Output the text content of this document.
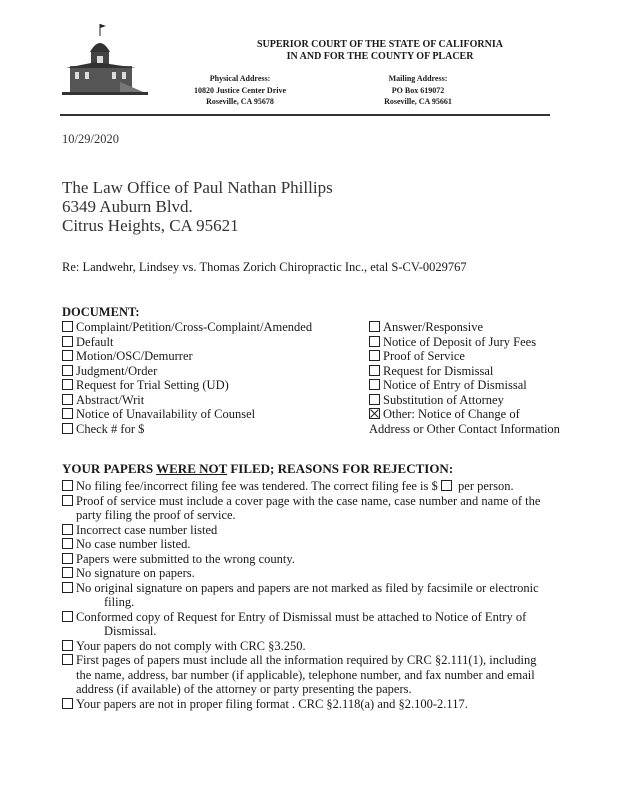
SUPERIOR COURT OF THE STATE OF CALIFORNIA
IN AND FOR THE COUNTY OF PLACER
Physical Address:
10820 Justice Center Drive
Roseville, CA 95678
Mailing Address:
PO Box 619072
Roseville, CA 95661
10/29/2020
The Law Office of Paul Nathan Phillips
6349 Auburn Blvd.
Citrus Heights, CA 95621
Re: Landwehr, Lindsey vs. Thomas Zorich Chiropractic Inc., etal S-CV-0029767
DOCUMENT:
Complaint/Petition/Cross-Complaint/Amended
Default
Motion/OSC/Demurrer
Judgment/Order
Request for Trial Setting (UD)
Abstract/Writ
Notice of Unavailability of Counsel
Check # for $
Answer/Responsive
Notice of Deposit of Jury Fees
Proof of Service
Request for Dismissal
Notice of Entry of Dismissal
Substitution of Attorney
Other: Notice of Change of
Address or Other Contact Information
YOUR PAPERS WERE NOT FILED; REASONS FOR REJECTION:
No filing fee/incorrect filing fee was tendered. The correct filing fee is $  per person.
Proof of service must include a cover page with the case name, case number and name of the
party filing the proof of service.
Incorrect case number listed
No case number listed.
Papers were submitted to the wrong county.
No signature on papers.
No original signature on papers and papers are not marked as filed by facsimile or electronic
filing.
Conformed copy of Request for Entry of Dismissal must be attached to Notice of Entry of
Dismissal.
Your papers do not comply with CRC §3.250.
First pages of papers must include all the information required by CRC §2.111(1), including
the name, address, bar number (if applicable), telephone number, and fax number and email
address (if available) of the attorney or party presenting the papers.
Your papers are not in proper filing format . CRC §2.118(a) and §2.100-2.117.
